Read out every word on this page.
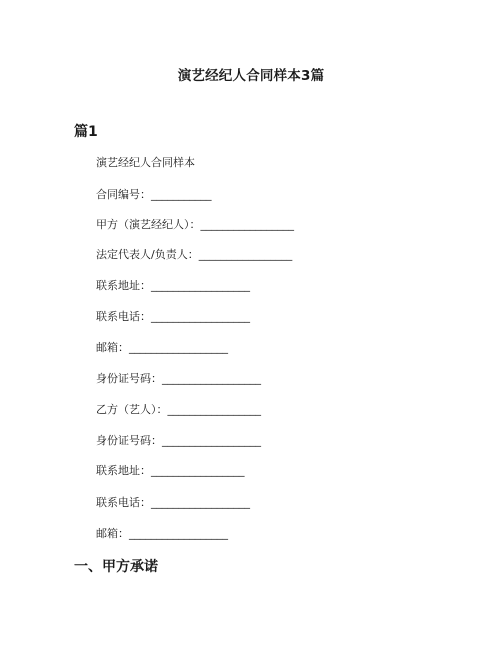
演艺经纪人合同样本3篇
篇1
演艺经纪人合同样本
合同编号：___________
甲方（演艺经纪人）：_________________
法定代表人/负责人：_________________
联系地址：__________________
联系电话：__________________
邮箱：__________________
身份证号码：__________________
乙方（艺人）：_________________
身份证号码：__________________
联系地址：_________________
联系电话：__________________
邮箱：__________________
一、甲方承诺
